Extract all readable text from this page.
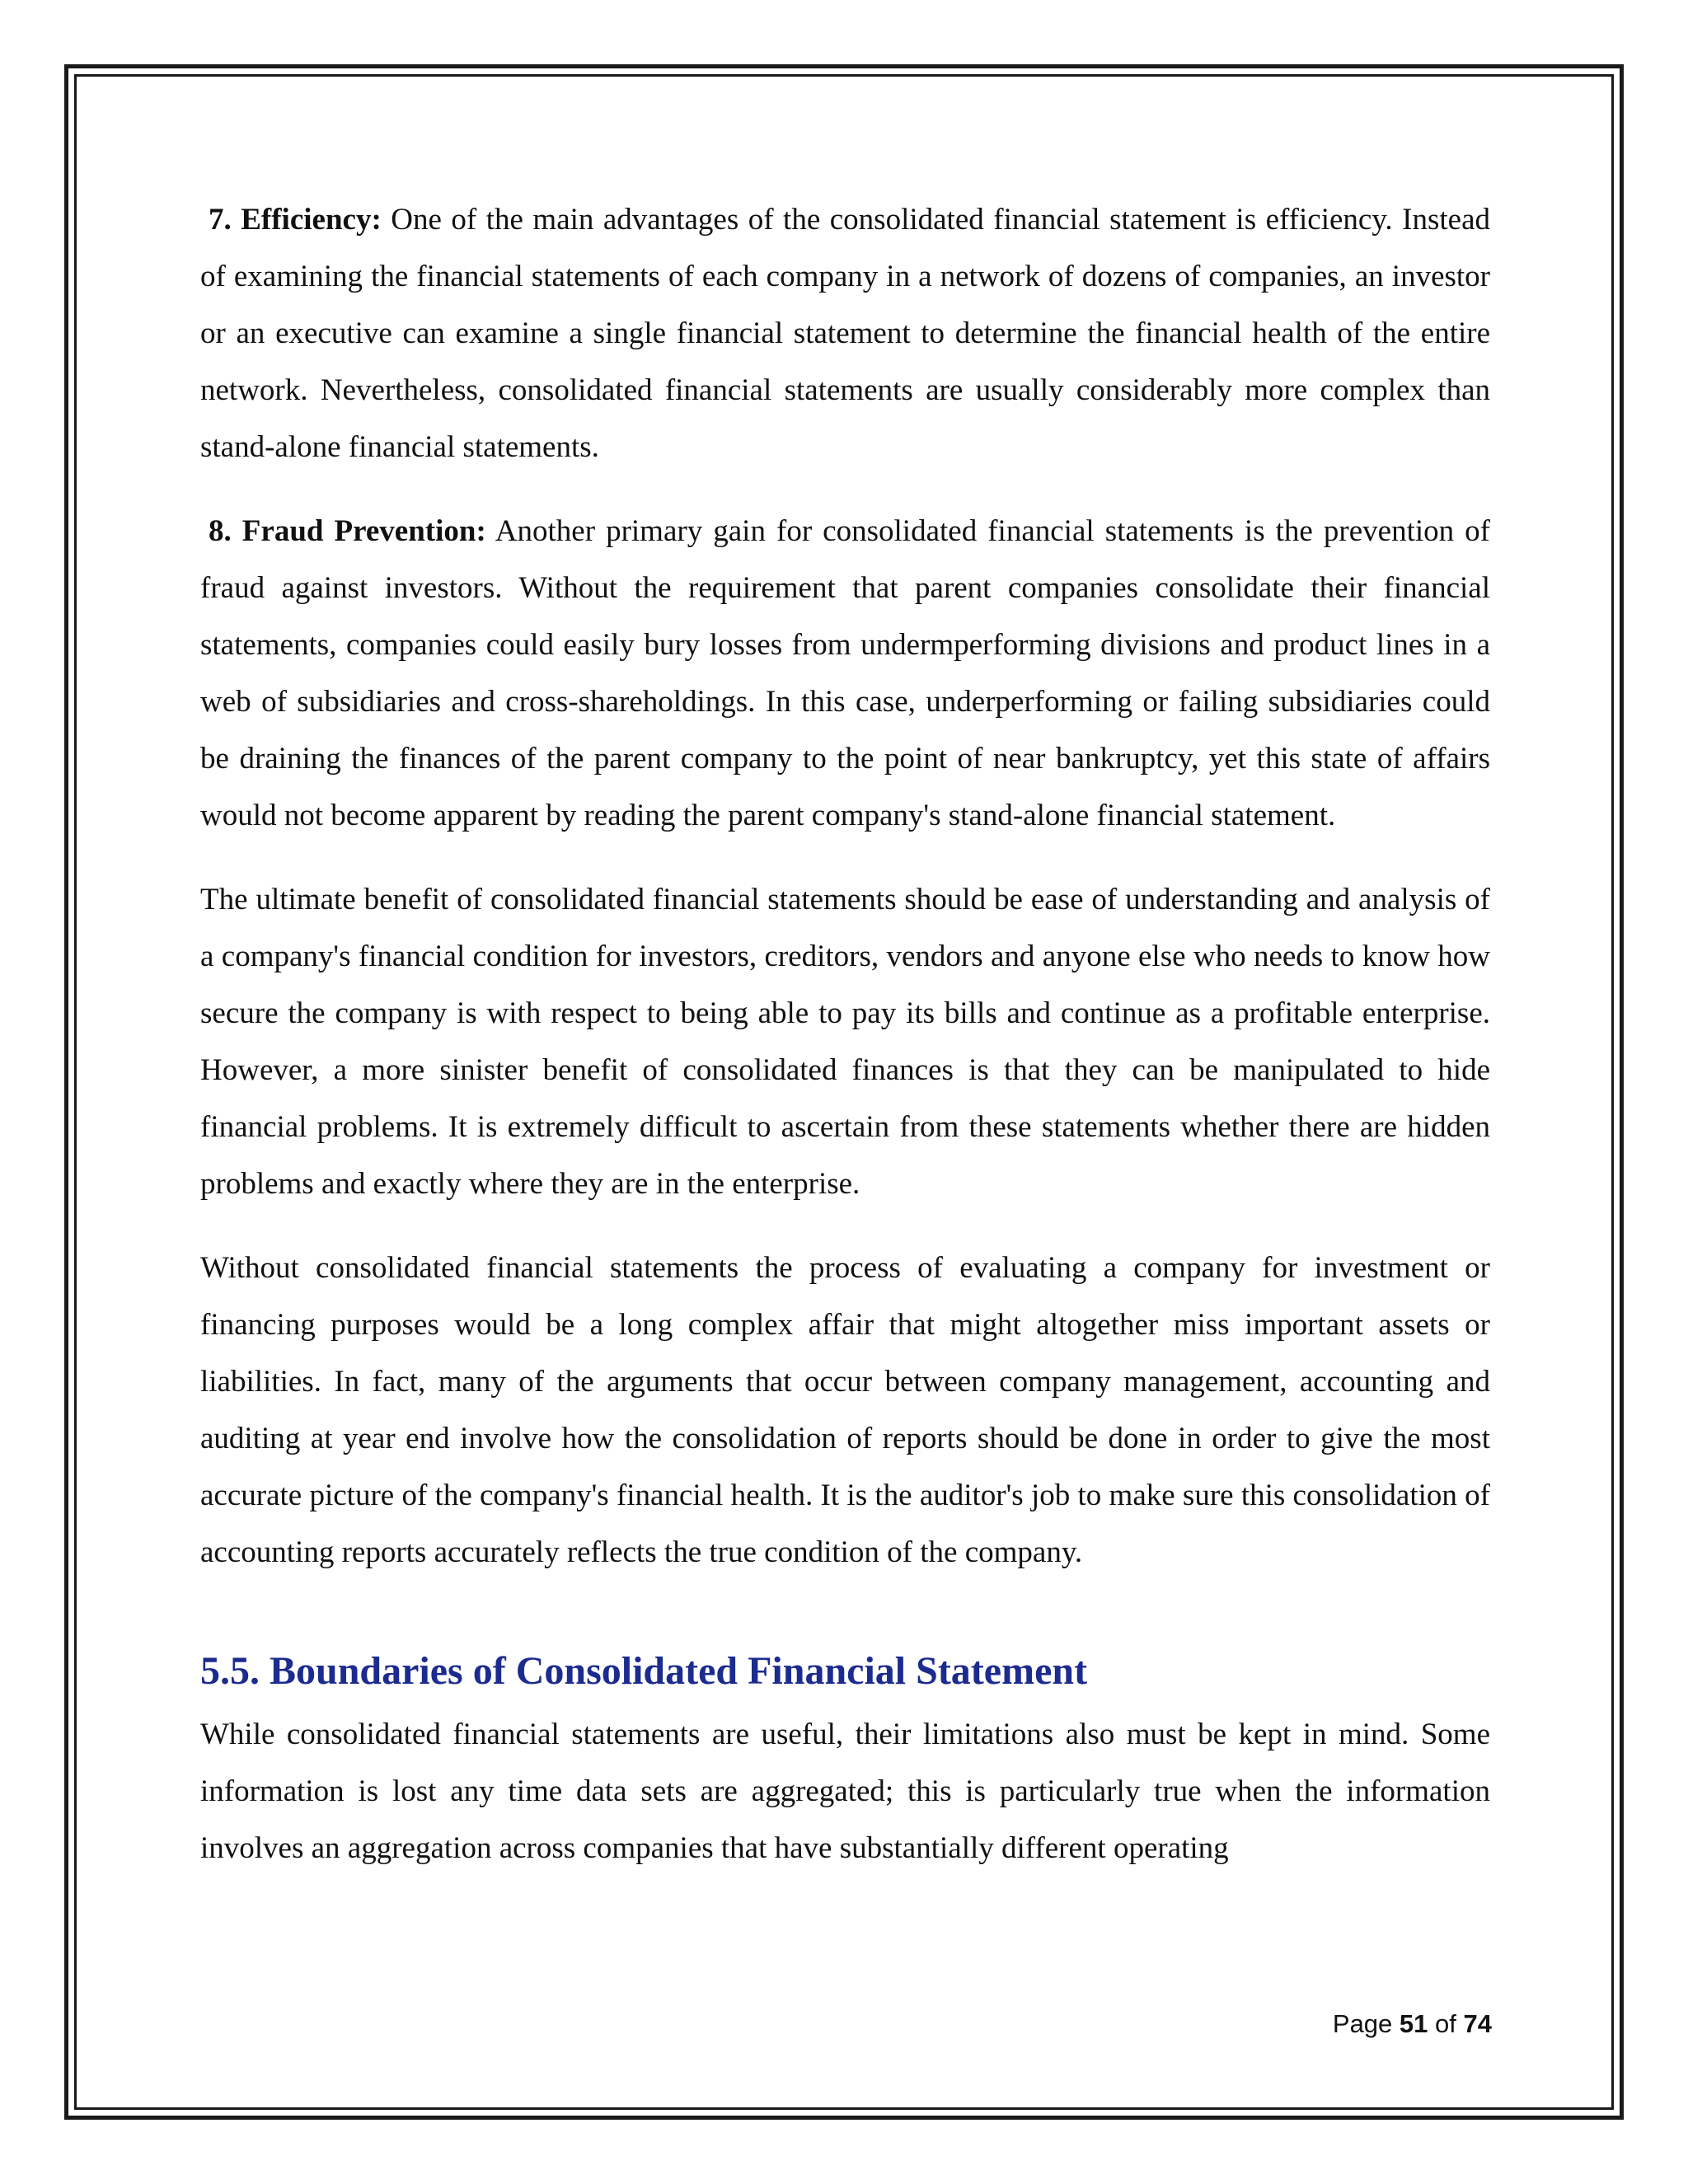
7. Efficiency: One of the main advantages of the consolidated financial statement is efficiency. Instead of examining the financial statements of each company in a network of dozens of companies, an investor or an executive can examine a single financial statement to determine the financial health of the entire network. Nevertheless, consolidated financial statements are usually considerably more complex than stand-alone financial statements.

8. Fraud Prevention: Another primary gain for consolidated financial statements is the prevention of fraud against investors. Without the requirement that parent companies consolidate their financial statements, companies could easily bury losses from undermperforming divisions and product lines in a web of subsidiaries and cross-shareholdings. In this case, underperforming or failing subsidiaries could be draining the finances of the parent company to the point of near bankruptcy, yet this state of affairs would not become apparent by reading the parent company's stand-alone financial statement.

The ultimate benefit of consolidated financial statements should be ease of understanding and analysis of a company's financial condition for investors, creditors, vendors and anyone else who needs to know how secure the company is with respect to being able to pay its bills and continue as a profitable enterprise. However, a more sinister benefit of consolidated finances is that they can be manipulated to hide financial problems. It is extremely difficult to ascertain from these statements whether there are hidden problems and exactly where they are in the enterprise.

Without consolidated financial statements the process of evaluating a company for investment or financing purposes would be a long complex affair that might altogether miss important assets or liabilities. In fact, many of the arguments that occur between company management, accounting and auditing at year end involve how the consolidation of reports should be done in order to give the most accurate picture of the company's financial health. It is the auditor's job to make sure this consolidation of accounting reports accurately reflects the true condition of the company.

5.5. Boundaries of Consolidated Financial Statement

While consolidated financial statements are useful, their limitations also must be kept in mind. Some information is lost any time data sets are aggregated; this is particularly true when the information involves an aggregation across companies that have substantially different operating

Page 51 of 74
